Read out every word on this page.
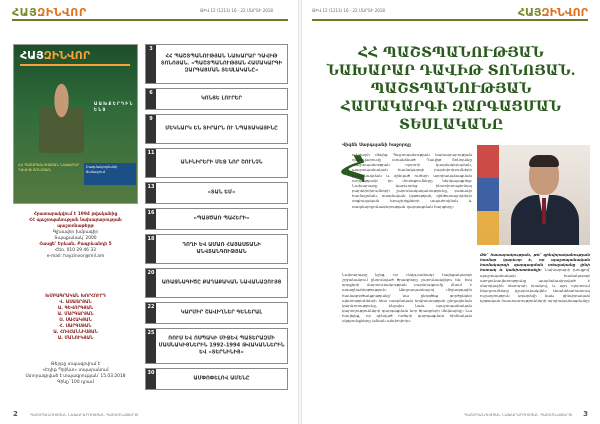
ՀԱՅԶԻՆՎՈՐ	ԹԻՎ 12 (1213) 16 - 22 ՄԱՐՏԻ 2018
ՀԱՅԶԻՆՎՈՐ
Ա Ա Խ Ք Ե Ր Դ Ի Ն Ե Ն Ց
ՀՀ ՊԱՇՏՊԱՆՈՒԹՅԱՆ ՆԱԽԱՐԱՐ ԴԱՎԻԹ ՏՈՆՈՅԱՆ
Բազմակողմանի ճանաչում
Հրատարակվում է 1994 թվականից
ՀՀ պաշտպանության նախարարության պաշտոնաթերթ
Գլխավոր խմբագիր
Տպաքանակ՝ 2000
Հասցե՝ Երևան, Բագրևանդի 5
Հեռ. 010 29 46 33
e-mail: hayzinvor@mil.am
ԽՄԲԱԳՐԱԿԱՆ ԽՈՐՀՈՒՐԴ
Վ. ԱՍԱՏՐՅԱՆ
Ա. ԳԵՎՈՐԳՅԱՆ
Ա. ՄԱՐԳԱՐՅԱՆ
Ս. ՍԱՀԱԿՅԱՆ
Հ. ՍԱՐԳՍՅԱՆ
Ա. ՀՈՎՀԱՆՆԻՍՅԱՆ
Ա. ՄԱՆՈՒԿՅԱՆ
Թերթը տպագրվում է
«Էդիթ Պրինտ» տպարանում
Ստորագրված է տպագրության՝ 15.03.2018
Գինը՝ 100 դրամ
3
ՀՀ ՊԱՇՏՊԱՆՈՒԹՅԱՆ ՆԱԽԱՐԱՐ ԴԱՎԻԹ ՏՈՆՈՅԱՆ. «ՊԱՇՏՊԱՆՈՒԹՅԱՆ ՀԱՄԱԿԱՐԳԻ ԶԱՐԳԱՑՄԱՆ ՏԵՍԼԱԿԱՆԸ»
6
ԿՈՆՑԵ ԼՈՒՐԵՐ
9
ՄԵԿՆԱՐԿ ԵՆ ՏԻՐԱՐՆ ՈՒ ՆՊԱՏԱԿԱՅԻՆԸ
11
ԱՆԻՆԻՐԵՐԻ ՄԵՋ ՆՈՐ ՇՈՒՆՉՆ
13
«ՏԱՆ ԵՄ»
16
«ՊԱՅԾԱՌ ՊԱՀԵՐԻ»
18
ԴՈՂԻ ԵՎ ԱՄԱՌ ՀԱՅԱՍՏԱՆԻ ԱՆՎՏԱՆԳՈՒԹՅԱՆ
20
ԱՌԱՋՆԱԳԻԾԸ ՔԱՂԱՔԱԿԱՆ ՆԱՎԱՆԱԶՈՒՅՑ
22
ԿԱՐՄԻՐ ՇԱՎԻՂՆԵՐ ԳԵՆԵՐԱԼ
25
ՌՈՒՍ ԵՎ ՈՍՊԱԿԻ ՄԻՋԵՎ ՊԱՏԵՐԱԶՄԻ ՄԱՍՆԱԿԻՑՆԵՐԻՆ 1992-1994 ԹՎԱԿԱՆՆԵՐԻՆ ԵՎ «ՏԵՐՆԻՆԻՑ»
30
ԱՄՓՈՓԵԼՈՎ ԱՄԵՆԸ
2	ՊԱՇՏՊԱՆՈՒԹՅԱՆ ՆԱԽԱՐԱՐՈՒԹՅԱՆ ՊԱՇՏՈՆԱԹԵՐԹ
ԹԻՎ 12 (1213) 16 - 22 ՄԱՐՏԻ 2018	ՀԱՅԶԻՆՎՈՐ
ՀՀ ՊԱՇՏՊԱՆՈՒԹՅԱՆ ՆԱԽԱՐԱՐ ԴԱՎԻԹ ՏՈՆՈՅԱՆ. ՊԱՇՏՊԱՆՈՒԹՅԱՆ ՀԱՄԱԿԱՐԳԻ ԶԱՐԳԱՑՄԱՆ ՏԵՍԼԱԿԱՆԸ
Վիգեն Սարգսյանի հաջորդը
Հ
ունվարի մեկից Պաշտպանության նախարարության ղեկավարումը ստանձնած Դավիթ Տոնոյանը պաշտպանության ոլորտի կազմակերպման, պաշտպանական համակարգի բարեփոխումների շարունակման և զինված ուժերի արդիականացման ուղղությամբ իր մոտեցումները ներկայացրեց։ Նախարարը կարևորեց ինստիտուցիոնալ բարեփոխումների շարունակականությունը, բանակի համալրման, ռազմական կրթության, զինծառայողների սոցիալական երաշխիքների ապահովման և ռազմարդյունաբերության զարգացման հարցերը։
Նախարարը նշեց, որ «Ազգ-բանակ» հայեցակարգի շրջանակում ընդունված ծրագրերը շարունակվելու են, իսկ զորքերի մարտունակության բարձրացումը մնում է առաջնահերթություն։ Անդրադառնալով միջազգային համագործակցությանը՝ նա ընդգծեց գործընկեր պետությունների հետ ռազմական երկխոսության ընդլայնման կարևորությունը, ինչպես նաև պաշտպանական կարողությունների զարգացման նոր ծրագրերի մեկնարկը։ Նա հավելեց, որ զինված ուժերի զարգացման հիմնական սկզբունքները կմնան անփոփոխ։
Թե՛ հասարակության, թե՛ զինվորականության համար կարևոր է, որ պաշտպանական համակարգի զարգացման տեսլականը լինի հստակ և կանխատեսելի։ Նախարարի խոսքով՝ պաշտպանական համակարգի արդյունավետությունը պայմանավորված է մարդկային ռեսուրսի որակով, և այդ ոլորտում ներդրումները կշարունակվեն։ Առանձնահատուկ ուշադրություն կդարձվի նաև զինվորական կրթական հաստատությունների արդիականացմանը։
ՊԱՇՏՊԱՆՈՒԹՅԱՆ ՆԱԽԱՐԱՐՈՒԹՅԱՆ ՊԱՇՏՈՆԱԹԵՐԹ 3
